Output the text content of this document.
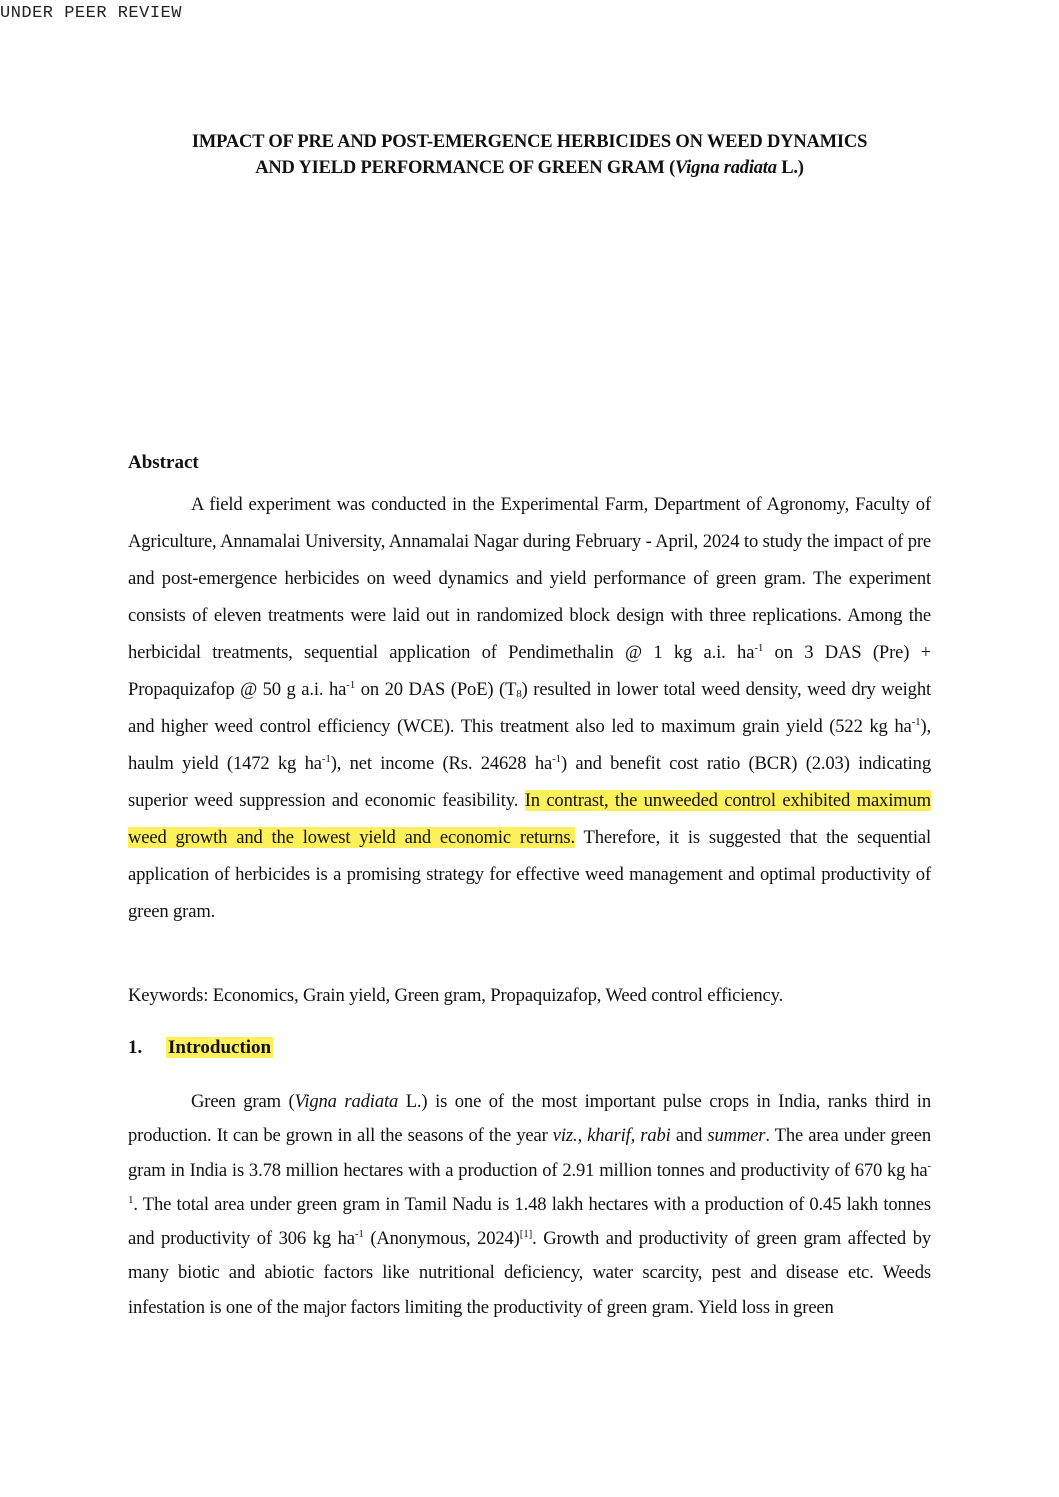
UNDER PEER REVIEW
IMPACT OF PRE AND POST-EMERGENCE HERBICIDES ON WEED DYNAMICS
AND YIELD PERFORMANCE OF GREEN GRAM (Vigna radiata L.)
Abstract
A field experiment was conducted in the Experimental Farm, Department of Agronomy, Faculty of Agriculture, Annamalai University, Annamalai Nagar during February - April, 2024 to study the impact of pre and post-emergence herbicides on weed dynamics and yield performance of green gram. The experiment consists of eleven treatments were laid out in randomized block design with three replications. Among the herbicidal treatments, sequential application of Pendimethalin @ 1 kg a.i. $ha^{-1}$ on 3 DAS (Pre) + Propaquizafop @ 50 g a.i. $ha^{-1}$ on 20 DAS (PoE) $(T_8)$ resulted in lower total weed density, weed dry weight and higher weed control efficiency (WCE). This treatment also led to maximum grain yield (522 kg $ha^{-1}$), haulm yield (1472 kg $ha^{-1}$), net income (Rs. 24628 $ha^{-1}$) and benefit cost ratio (BCR) (2.03) indicating superior weed suppression and economic feasibility. In contrast, the unweeded control exhibited maximum weed growth and the lowest yield and economic returns. Therefore, it is suggested that the sequential application of herbicides is a promising strategy for effective weed management and optimal productivity of green gram.
Keywords: Economics, Grain yield, Green gram, Propaquizafop, Weed control efficiency.
1. Introduction
Green gram (Vigna radiata L.) is one of the most important pulse crops in India, ranks third in production. It can be grown in all the seasons of the year viz., kharif, rabi and summer. The area under green gram in India is 3.78 million hectares with a production of 2.91 million tonnes and productivity of 670 kg $ha^{-1}$. The total area under green gram in Tamil Nadu is 1.48 lakh hectares with a production of 0.45 lakh tonnes and productivity of 306 kg $ha^{-1}$ (Anonymous, 2024)[1]. Growth and productivity of green gram affected by many biotic and abiotic factors like nutritional deficiency, water scarcity, pest and disease etc. Weeds infestation is one of the major factors limiting the productivity of green gram. Yield loss in green
